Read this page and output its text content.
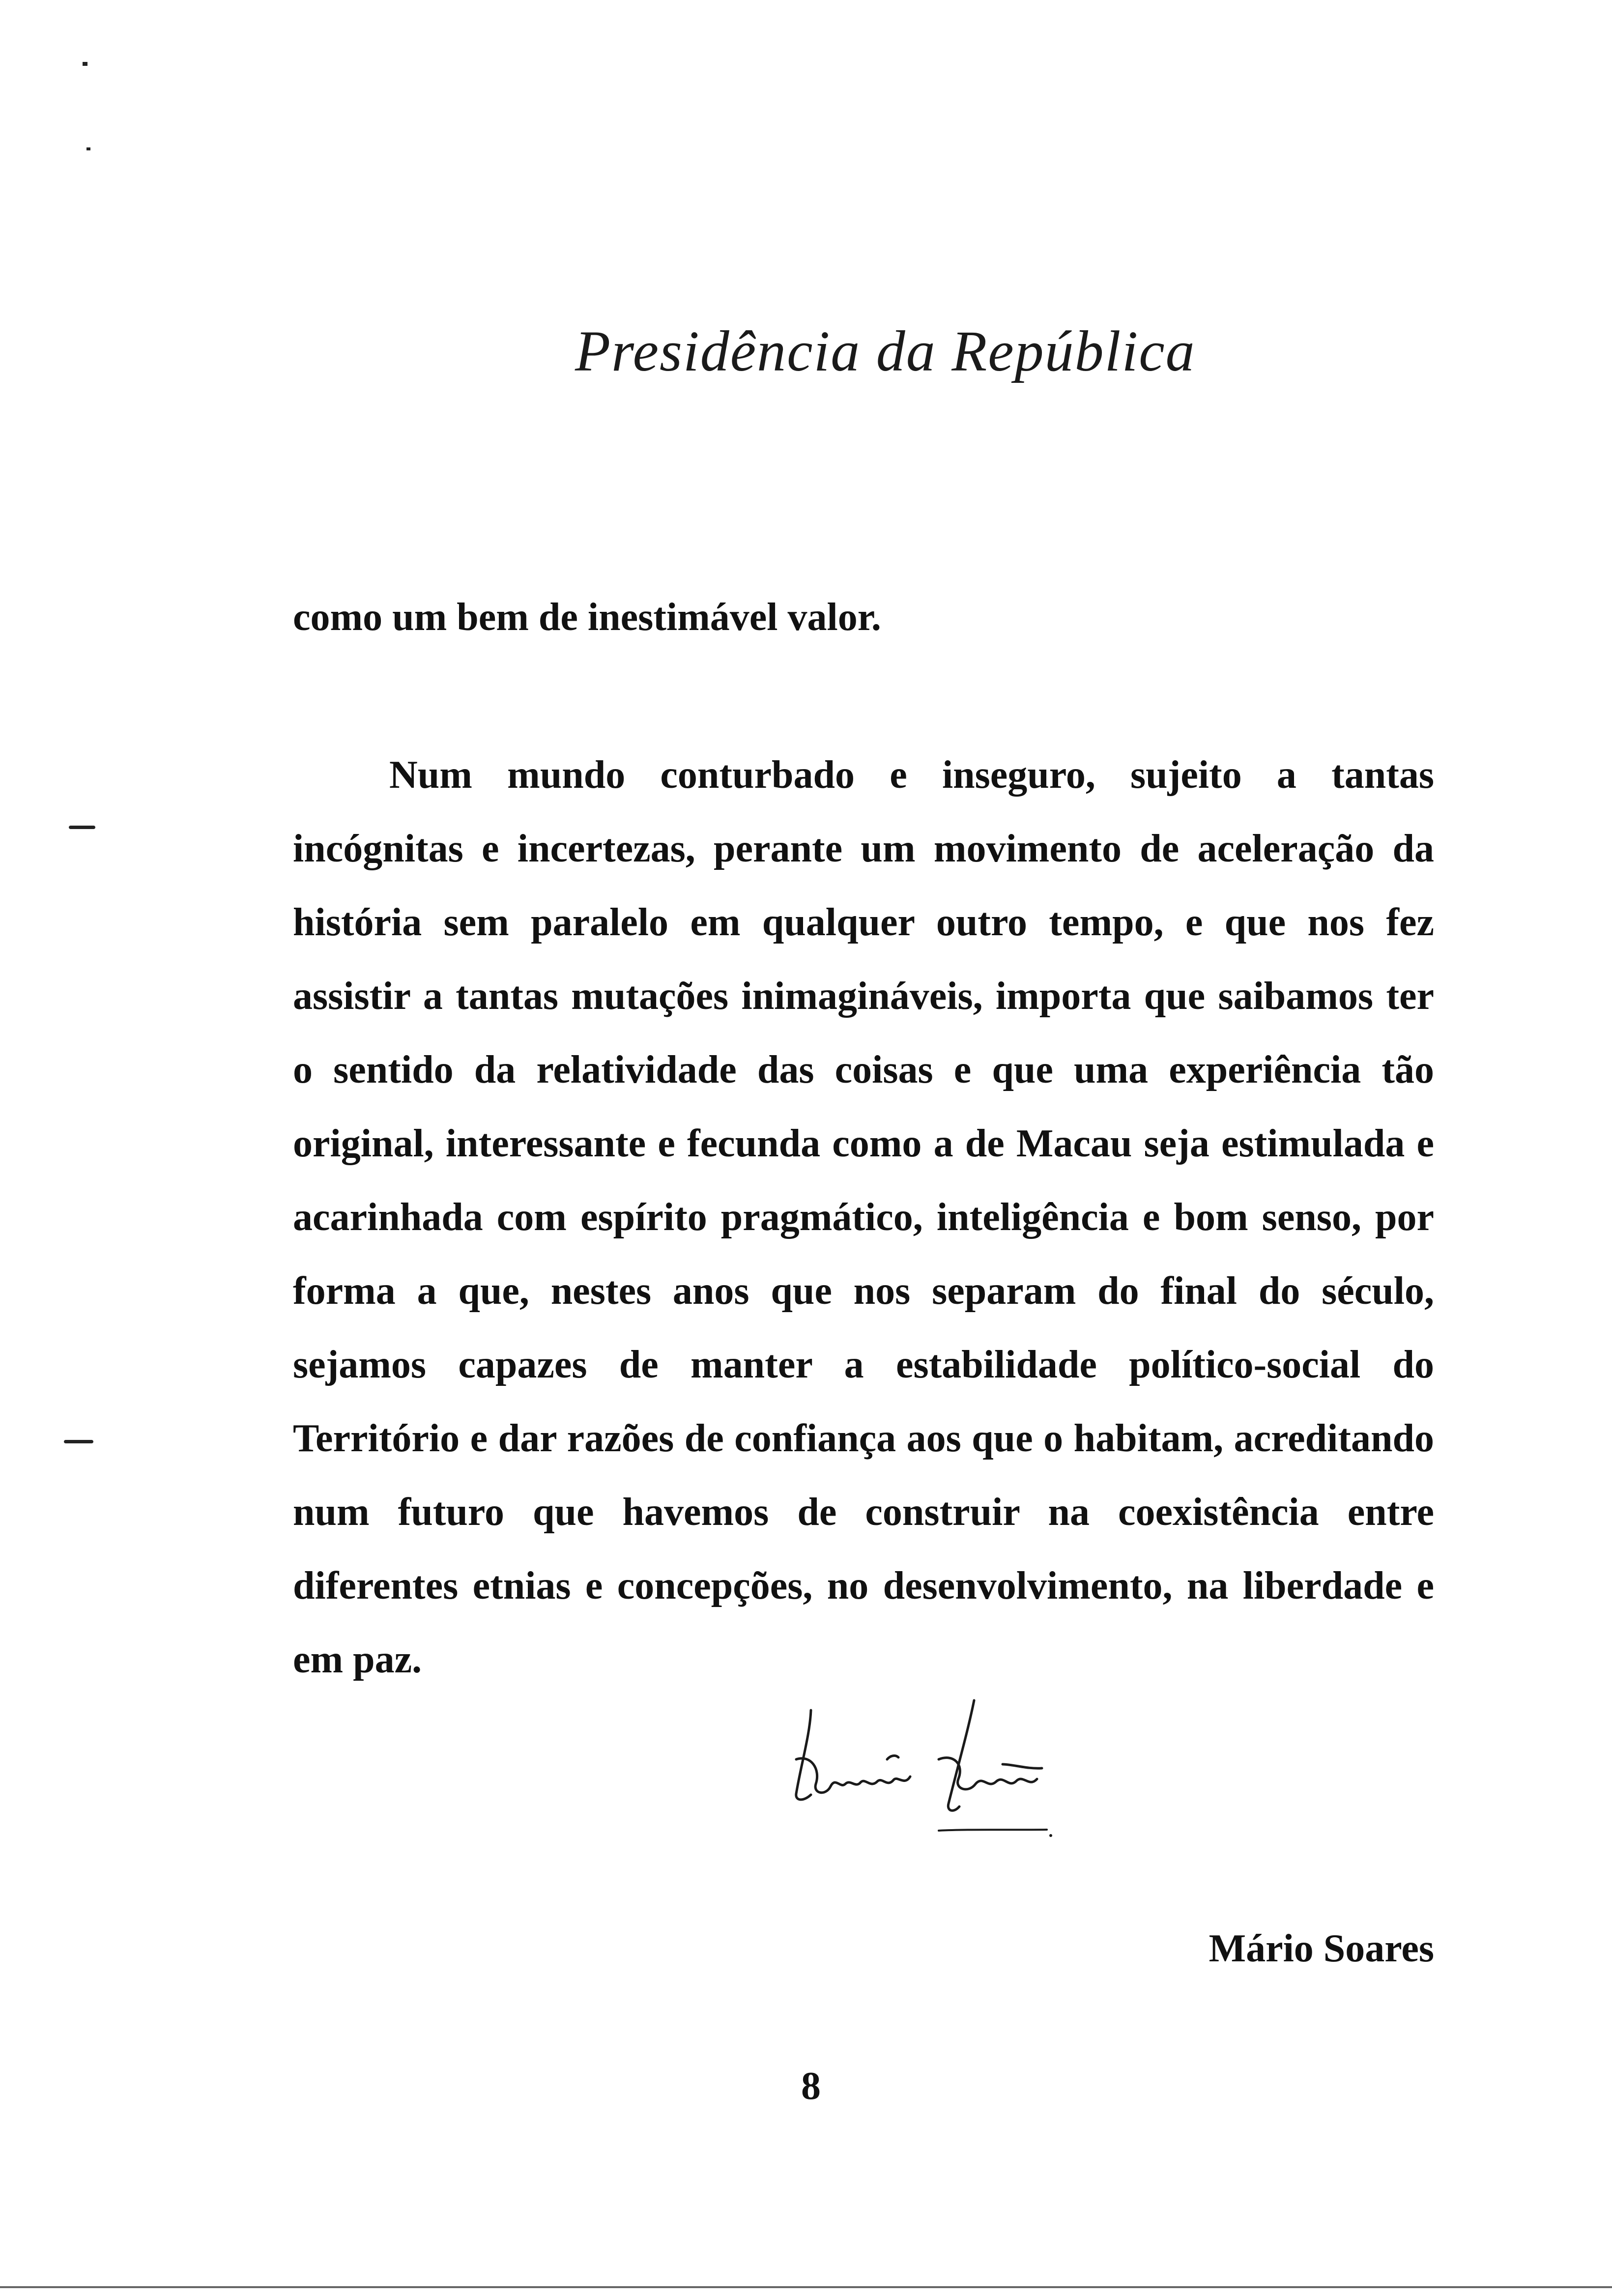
Presidência da República
como um bem de inestimável valor.

Num mundo conturbado e inseguro, sujeito a tantas incógnitas e incertezas, perante um movimento de aceleração da história sem paralelo em qualquer outro tempo, e que nos fez assistir a tantas mutações inimagináveis, importa que saibamos ter o sentido da relatividade das coisas e que uma experiência tão original, interessante e fecunda como a de Macau seja estimulada e acarinhada com espírito pragmático, inteligência e bom senso, por forma a que, nestes anos que nos separam do final do século, sejamos capazes de manter a estabilidade político-social do Território e dar razões de confiança aos que o habitam, acreditando num futuro que havemos de construir na coexistência entre diferentes etnias e concepções, no desenvolvimento, na liberdade e em paz.

Mário Soares
8
